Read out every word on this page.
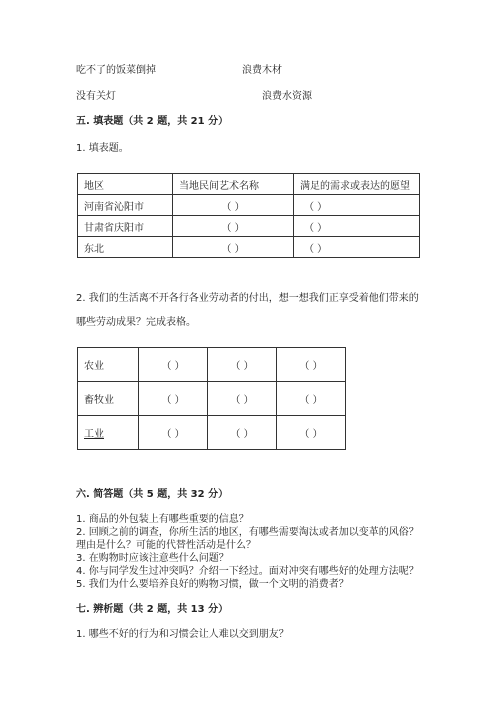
吃不了的饭菜倒掉	浪费木材
没有关灯	浪费水资源
五. 填表题（共 2 题，共 21 分）
1. 填表题。
地区	当地民间艺术名称	满足的需求或表达的愿望
河南省沁阳市	（ ）	（ ）
甘肃省庆阳市	（ ）	（ ）
东北	（ ）	（ ）
2. 我们的生活离不开各行各业劳动者的付出，想一想我们正享受着他们带来的
哪些劳动成果？完成表格。
农业	（ ）	（ ）	（ ）
畜牧业	（ ）	（ ）	（ ）
工业	（ ）	（ ）	（ ）
六. 简答题（共 5 题，共 32 分）
1. 商品的外包装上有哪些重要的信息？
2. 回顾之前的调查，你所生活的地区，有哪些需要淘汰或者加以变革的风俗？
理由是什么？可能的代替性活动是什么？
3. 在购物时应该注意些什么问题？
4. 你与同学发生过冲突吗？介绍一下经过。面对冲突有哪些好的处理方法呢？
5. 我们为什么要培养良好的购物习惯，做一个文明的消费者？
七. 辨析题（共 2 题，共 13 分）
1. 哪些不好的行为和习惯会让人难以交到朋友？
